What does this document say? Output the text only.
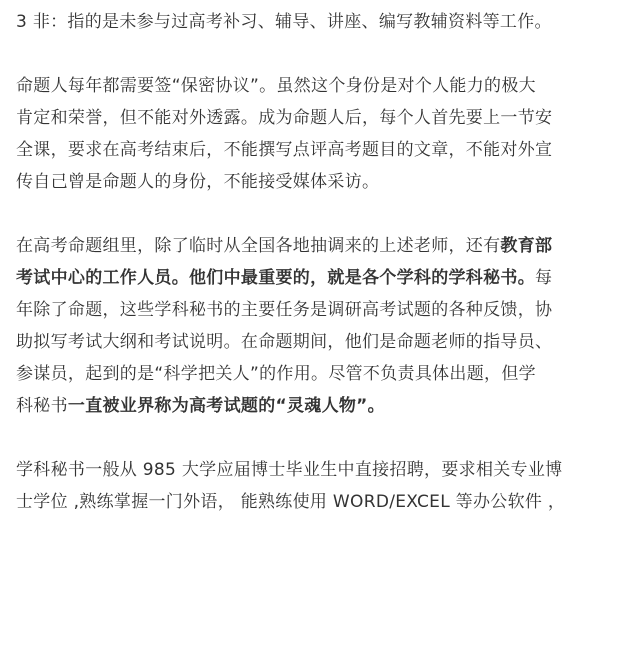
3 非：指的是未参与过高考补习、辅导、讲座、编写教辅资料等工作。

命题人每年都需要签“保密协议”。虽然这个身份是对个人能力的极大
肯定和荣誉，但不能对外透露。成为命题人后，每个人首先要上一节安
全课，要求在高考结束后，不能撰写点评高考题目的文章，不能对外宣
传自己曾是命题人的身份，不能接受媒体采访。

在高考命题组里，除了临时从全国各地抽调来的上述老师，还有教育部
考试中心的工作人员。他们中最重要的，就是各个学科的学科秘书。每
年除了命题，这些学科秘书的主要任务是调研高考试题的各种反馈，协
助拟写考试大纲和考试说明。在命题期间，他们是命题老师的指导员、
参谋员，起到的是“科学把关人”的作用。尽管不负责具体出题，但学
科秘书一直被业界称为高考试题的“灵魂人物”。

学科秘书一般从 985 大学应届博士毕业生中直接招聘，要求相关专业博
士学位 ,熟练掌握一门外语， 能熟练使用 WORD/EXCEL 等办公软件 ，
